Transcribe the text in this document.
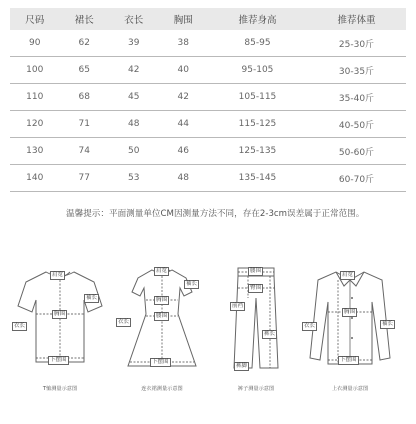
尺码	裙长	衣长	胸围	推荐身高	推荐体重
90	62	39	38	85-95	25-30斤
100	65	42	40	95-105	30-35斤
110	68	45	42	105-115	35-40斤
120	71	48	44	115-125	40-50斤
130	74	50	46	125-135	50-60斤
140	77	53	48	135-145	60-70斤
温馨提示：平面测量单位CM因测量方法不同，存在2-3cm误差属于正常范围。
肩宽
袖长
衣长
胸围
下摆围
T恤测量示意图
肩宽
袖长
衣长
胸围
腰围
下摆围
连衣裙测量示意图
腰围
臀围
裤长
前裆
裤脚
裤子测量示意图
肩宽
袖长
衣长
胸围
下摆围
上衣测量示意图
